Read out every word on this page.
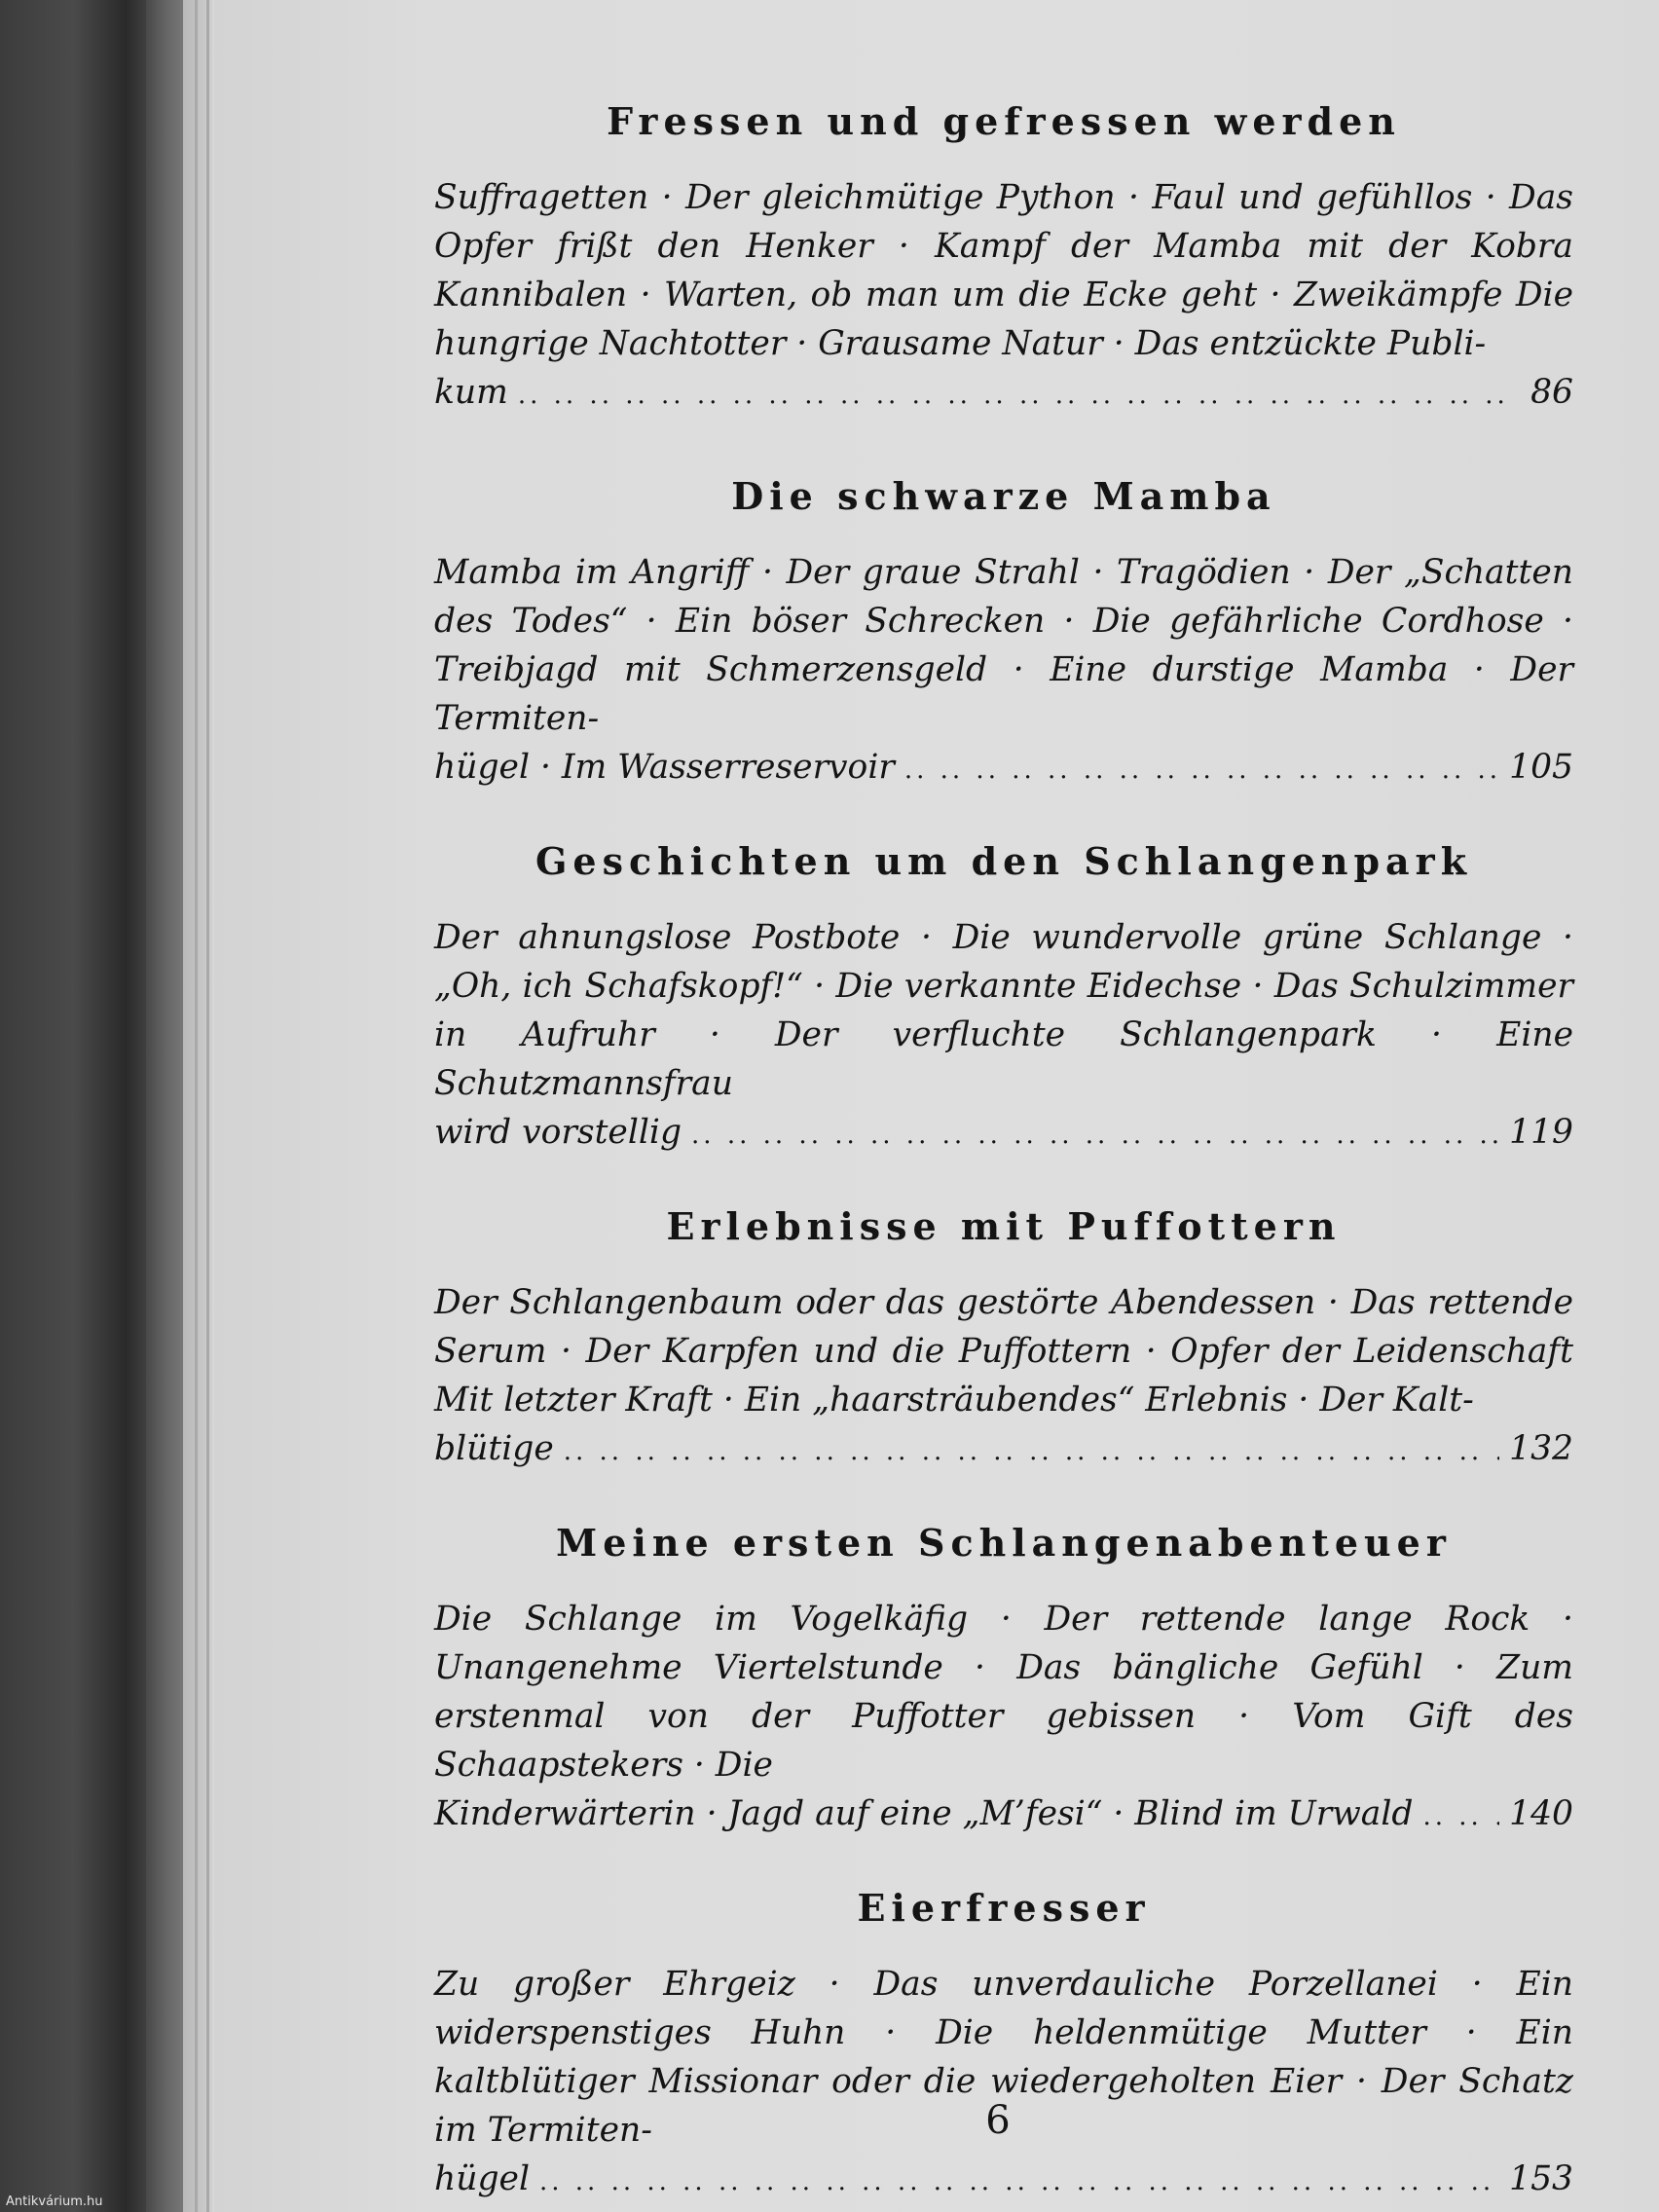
Fressen und gefressen werden

Suffragetten · Der gleichmütige Python · Faul und gefühllos · Das Opfer frißt den Henker · Kampf der Mamba mit der Kobra Kannibalen · Warten, ob man um die Ecke geht · Zweikämpfe Die hungrige Nachtotter · Grausame Natur · Das entzückte Publi-

kum .. ..	86
Die schwarze Mamba

Mamba im Angriff · Der graue Strahl · Tragödien · Der „Schatten des Todes“ · Ein böser Schrecken · Die gefährliche Cordhose · Treibjagd mit Schmerzensgeld · Eine durstige Mamba · Der Termiten-

hügel · Im Wasserreservoir .. ..	105
Geschichten um den Schlangenpark

Der ahnungslose Postbote · Die wundervolle grüne Schlange · „Oh, ich Schafskopf!“ · Die verkannte Eidechse · Das Schulzimmer in Aufruhr · Der verfluchte Schlangenpark · Eine Schutzmannsfrau

wird vorstellig .. ..	119
Erlebnisse mit Puffottern

Der Schlangenbaum oder das gestörte Abendessen · Das rettende Serum · Der Karpfen und die Puffottern · Opfer der Leidenschaft Mit letzter Kraft · Ein „haarsträubendes“ Erlebnis · Der Kalt-

blütige .. ..	132
Meine ersten Schlangenabenteuer

Die Schlange im Vogelkäfig · Der rettende lange Rock · Unangenehme Viertelstunde · Das bängliche Gefühl · Zum erstenmal von der Puffotter gebissen · Vom Gift des Schaapstekers · Die

Kinderwärterin · Jagd auf eine „M’fesi“ · Blind im Urwald .. ..	140
Eierfresser

Zu großer Ehrgeiz · Das unverdauliche Porzellanei · Ein widerspenstiges Huhn · Die heldenmütige Mutter · Ein kaltblütiger Missionar oder die wiedergeholten Eier · Der Schatz im Termiten-

hügel .. ..	153
6
Antikvárium.hu
